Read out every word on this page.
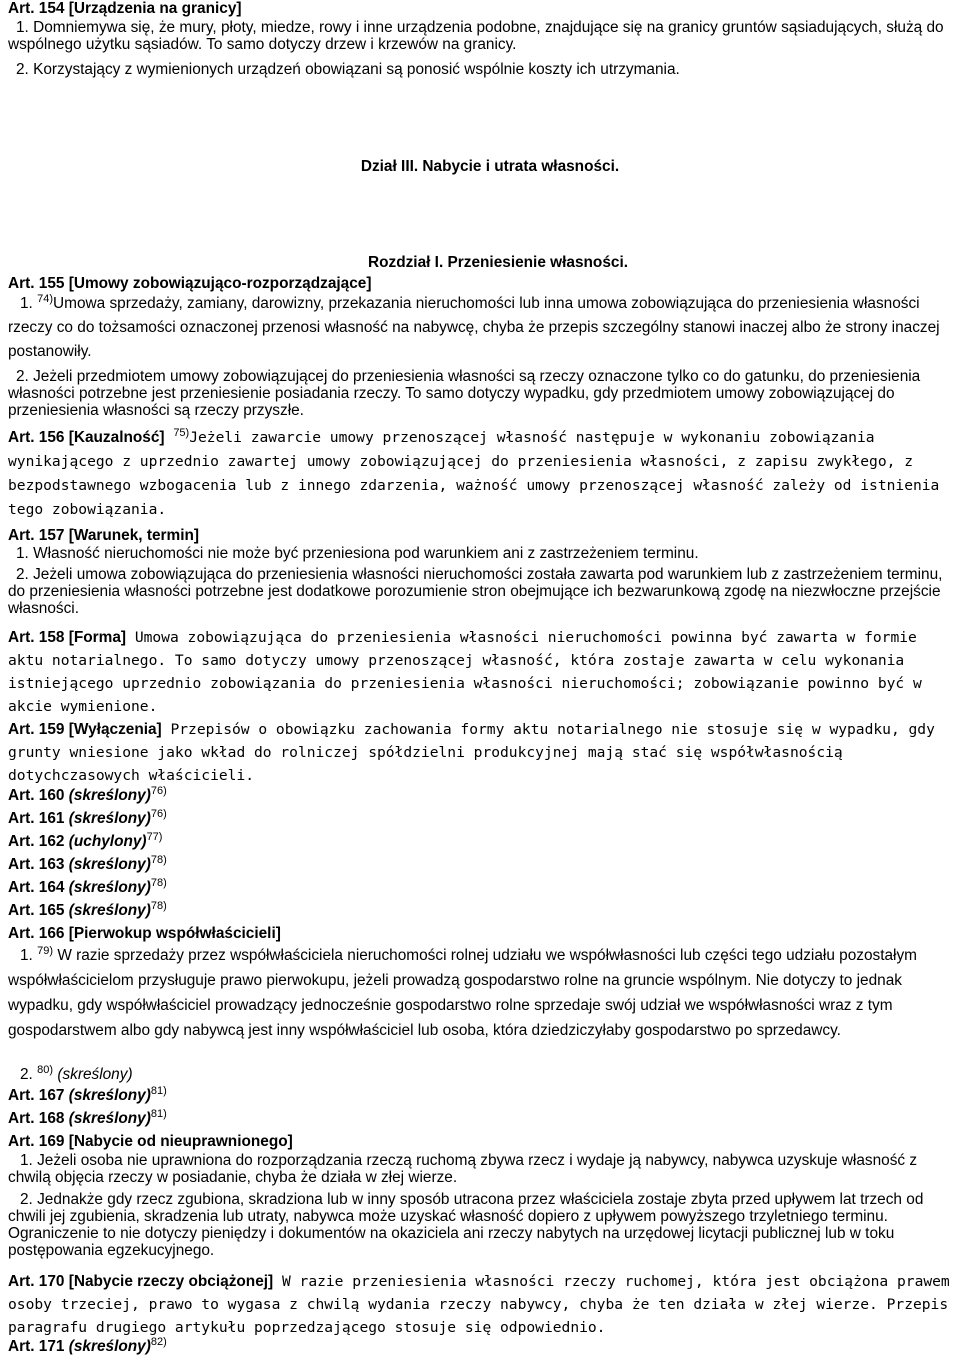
Art. 154 [Urządzenia na granicy]
1. Domniemywa się, że mury, płoty, miedze, rowy i inne urządzenia podobne, znajdujące się na granicy gruntów sąsiadujących, służą do wspólnego użytku sąsiadów. To samo dotyczy drzew i krzewów na granicy.
2. Korzystający z wymienionych urządzeń obowiązani są ponosić wspólnie koszty ich utrzymania.
Dział III. Nabycie i utrata własności.
Rozdział I. Przeniesienie własności.
Art. 155 [Umowy zobowiązująco-rozporządzające]
1. $^{74)}$Umowa sprzedaży, zamiany, darowizny, przekazania nieruchomości lub inna umowa zobowiązująca do przeniesienia własności rzeczy co do tożsamości oznaczonej przenosi własność na nabywcę, chyba że przepis szczególny stanowi inaczej albo że strony inaczej postanowiły.
2. Jeżeli przedmiotem umowy zobowiązującej do przeniesienia własności są rzeczy oznaczone tylko co do gatunku, do przeniesienia własności potrzebne jest przeniesienie posiadania rzeczy. To samo dotyczy wypadku, gdy przedmiotem umowy zobowiązującej do przeniesienia własności są rzeczy przyszłe.
Art. 156 [Kauzalność] $^{75)}$Jeżeli zawarcie umowy przenoszącej własność następuje w wykonaniu zobowiązania wynikającego z uprzednio zawartej umowy zobowiązującej do przeniesienia własności, z zapisu zwykłego, z bezpodstawnego wzbogacenia lub z innego zdarzenia, ważność umowy przenoszącej własność zależy od istnienia tego zobowiązania.
Art. 157 [Warunek, termin]
1. Własność nieruchomości nie może być przeniesiona pod warunkiem ani z zastrzeżeniem terminu.
2. Jeżeli umowa zobowiązująca do przeniesienia własności nieruchomości została zawarta pod warunkiem lub z zastrzeżeniem terminu, do przeniesienia własności potrzebne jest dodatkowe porozumienie stron obejmujące ich bezwarunkową zgodę na niezwłoczne przejście własności.
Art. 158 [Forma] Umowa zobowiązująca do przeniesienia własności nieruchomości powinna być zawarta w formie aktu notarialnego. To samo dotyczy umowy przenoszącej własność, która zostaje zawarta w celu wykonania istniejącego uprzednio zobowiązania do przeniesienia własności nieruchomości; zobowiązanie powinno być w akcie wymienione.
Art. 159 [Wyłączenia] Przepisów o obowiązku zachowania formy aktu notarialnego nie stosuje się w wypadku, gdy grunty wniesione jako wkład do rolniczej spółdzielni produkcyjnej mają stać się współwłasnością
dotychczasowych właścicieli.
Art. 160 (skreślony)$^{76)}$
Art. 161 (skreślony)$^{76)}$
Art. 162 (uchylony)$^{77)}$
Art. 163 (skreślony)$^{78)}$
Art. 164 (skreślony)$^{78)}$
Art. 165 (skreślony)$^{78)}$
Art. 166 [Pierwokup współwłaścicieli]
1. $^{79)}$ W razie sprzedaży przez współwłaściciela nieruchomości rolnej udziału we współwłasności lub części tego udziału pozostałym współwłaścicielom przysługuje prawo pierwokupu, jeżeli prowadzą gospodarstwo rolne na gruncie wspólnym. Nie dotyczy to jednak wypadku, gdy współwłaściciel prowadzący jednocześnie gospodarstwo rolne sprzedaje swój udział we współwłasności wraz z tym gospodarstwem albo gdy nabywcą jest inny współwłaściciel lub osoba, która dziedziczyłaby gospodarstwo po sprzedawcy.
2. $^{80)}$ (skreślony)
Art. 167 (skreślony)$^{81)}$
Art. 168 (skreślony)$^{81)}$
Art. 169 [Nabycie od nieuprawnionego]
1. Jeżeli osoba nie uprawniona do rozporządzania rzeczą ruchomą zbywa rzecz i wydaje ją nabywcy, nabywca uzyskuje własność z chwilą objęcia rzeczy w posiadanie, chyba że działa w złej wierze.
2. Jednakże gdy rzecz zgubiona, skradziona lub w inny sposób utracona przez właściciela zostaje zbyta przed upływem lat trzech od chwili jej zgubienia, skradzenia lub utraty, nabywca może uzyskać własność dopiero z upływem powyższego trzyletniego terminu. Ograniczenie to nie dotyczy pieniędzy i dokumentów na okaziciela ani rzeczy nabytych na urzędowej licytacji publicznej lub w toku postępowania egzekucyjnego.
Art. 170 [Nabycie rzeczy obciążonej] W razie przeniesienia własności rzeczy ruchomej, która jest obciążona prawem osoby trzeciej, prawo to wygasa z chwilą wydania rzeczy nabywcy, chyba że ten działa w złej wierze. Przepis paragrafu drugiego artykułu poprzedzającego stosuje się odpowiednio.
Art. 171 (skreślony)$^{82)}$
